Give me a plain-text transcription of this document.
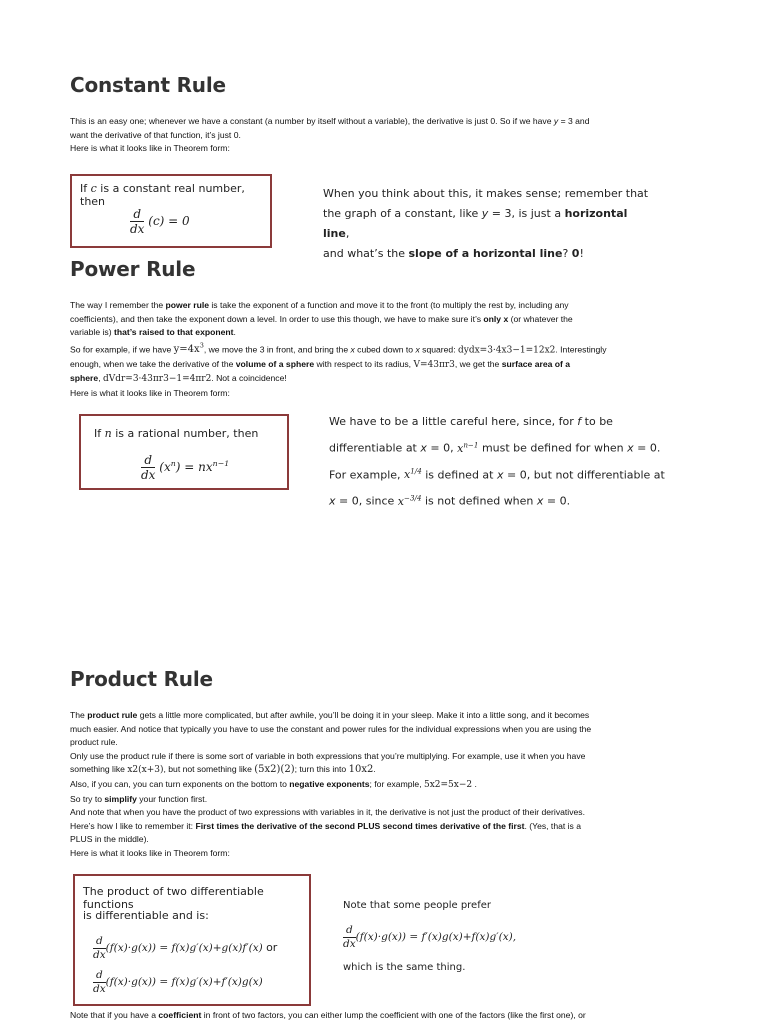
Constant Rule
This is an easy one; whenever we have a constant (a number by itself without a variable), the derivative is just 0. So if we have y = 3 and
want the derivative of that function, it’s just 0.
Here is what it looks like in Theorem form:
If c is a constant real number, then
$\frac{d}{dx} (c) = 0$
When you think about this, it makes sense; remember that
the graph of a constant, like y = 3, is just a horizontal line,
and what’s the slope of a horizontal line? 0!
Power Rule
The way I remember the power rule is take the exponent of a function and move it to the front (to multiply the rest by, including any
coefficients), and then take the exponent down a level. In order to use this though, we have to make sure it’s only x (or whatever the
variable is) that’s raised to that exponent.
So for example, if we have $y=4x^3$, we move the 3 in front, and bring the x cubed down to x squared: dydx=3·4x3−1=12x2. Interestingly
enough, when we take the derivative of the volume of a sphere with respect to its radius, V=43πr3, we get the surface area of a
sphere, dVdr=3·43πr3−1=4πr2. Not a coincidence!
Here is what it looks like in Theorem form:
If n is a rational number, then
$\frac{d}{dx} (x^n) = nx^{n-1}$
We have to be a little careful here, since, for f to be
differentiable at x = 0, $x^{n-1}$ must be defined for when x = 0.
For example, $x^{1/4}$ is defined at x = 0, but not differentiable at
x = 0, since $x^{-3/4}$ is not defined when x = 0.
Product Rule
The product rule gets a little more complicated, but after awhile, you’ll be doing it in your sleep. Make it into a little song, and it becomes
much easier. And notice that typically you have to use the constant and power rules for the individual expressions when you are using the
product rule.
Only use the product rule if there is some sort of variable in both expressions that you’re multiplying. For example, use it when you have
something like x2(x+3), but not something like (5x2)(2); turn this into 10x2.
Also, if you can, you can turn exponents on the bottom to negative exponents; for example, 5x2=5x−2 .
So try to simplify your function first.
And note that when you have the product of two expressions with variables in it, the derivative is not just the product of their derivatives.
Here’s how I like to remember it: First times the derivative of the second PLUS second times derivative of the first. (Yes, that is a
PLUS in the middle).
Here is what it looks like in Theorem form:
The product of two differentiable functions
is differentiable and is:
$\frac{d}{dx} (f(x)\cdot g(x)) = f(x)g'(x)+g(x)f'(x)$ or
$\frac{d}{dx} (f(x)\cdot g(x)) = f(x)g'(x)+f'(x)g(x)$
Note that some people prefer
$\frac{d}{dx} (f(x)\cdot g(x)) = f'(x)g(x)+f(x)g'(x)$,
which is the same thing.
Note that if you have a coefficient in front of two factors, you can either lump the coefficient with one of the factors (like the first one), or
